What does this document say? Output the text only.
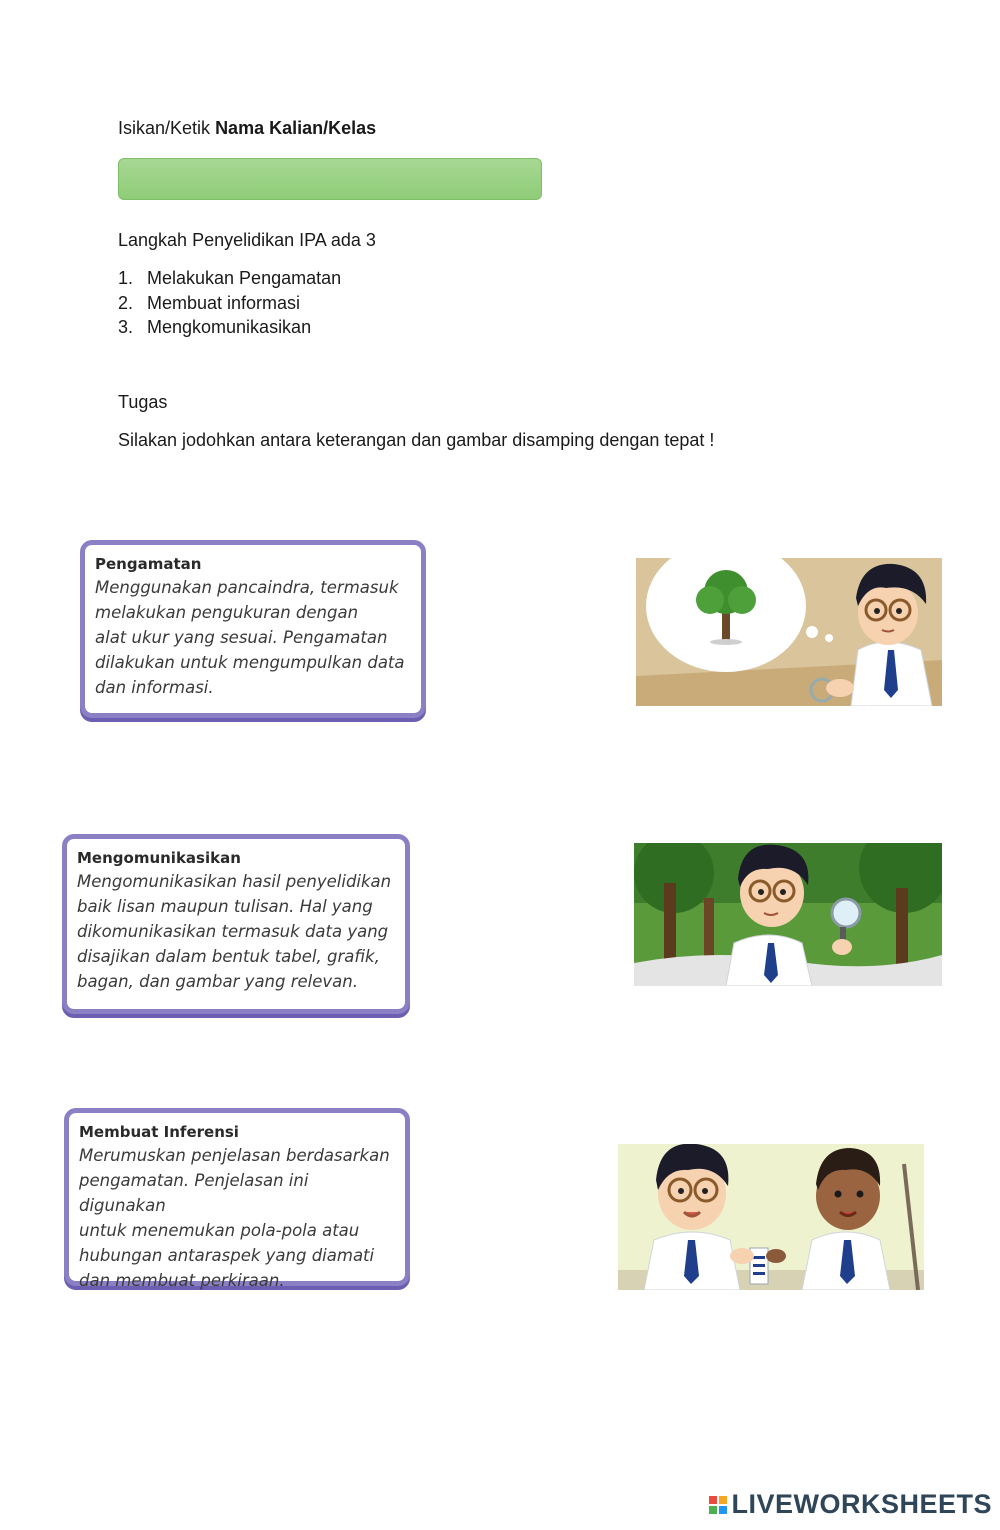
Isikan/Ketik Nama Kalian/Kelas
Langkah Penyelidikan IPA ada 3
1. Melakukan Pengamatan
2. Membuat informasi
3. Mengkomunikasikan
Tugas
Silakan jodohkan antara keterangan dan gambar disamping dengan tepat !
Pengamatan
Menggunakan pancaindra, termasuk
melakukan pengukuran dengan
alat ukur yang sesuai. Pengamatan
dilakukan untuk mengumpulkan data
dan informasi.
Mengomunikasikan
Mengomunikasikan hasil penyelidikan
baik lisan maupun tulisan. Hal yang
dikomunikasikan termasuk data yang
disajikan dalam bentuk tabel, grafik,
bagan, dan gambar yang relevan.
Membuat Inferensi
Merumuskan penjelasan berdasarkan
pengamatan. Penjelasan ini digunakan
untuk menemukan pola-pola atau
hubungan antaraspek yang diamati
dan membuat perkiraan.
LIVEWORKSHEETS
